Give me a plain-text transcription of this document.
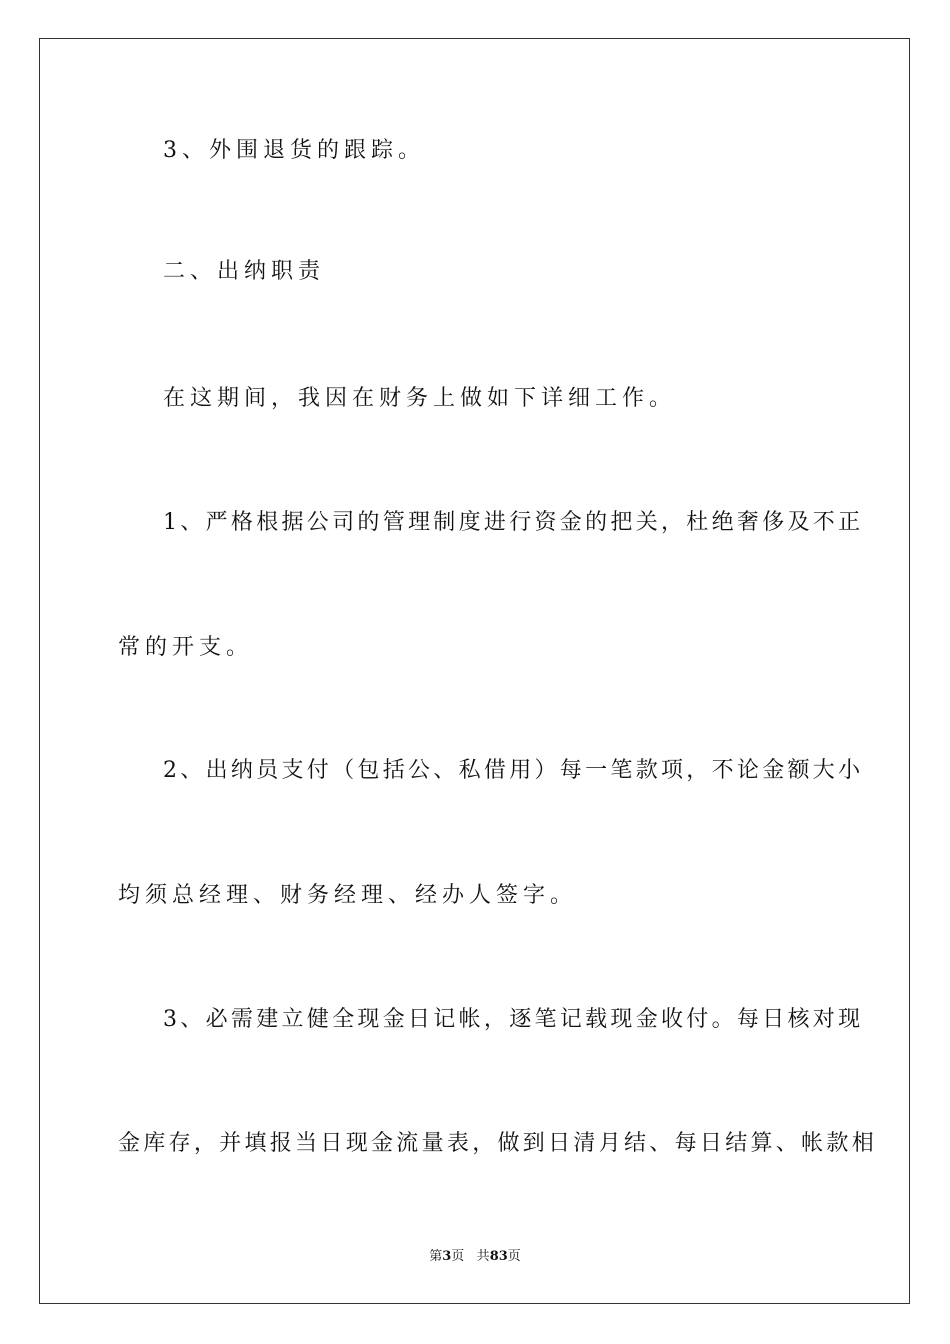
3、外围退货的跟踪。
二、出纳职责
在这期间，我因在财务上做如下详细工作。
1、严格根据公司的管理制度进行资金的把关，杜绝奢侈及不正
常的开支。
2、出纳员支付（包括公、私借用）每一笔款项，不论金额大小
均须总经理、财务经理、经办人签字。
3、必需建立健全现金日记帐，逐笔记载现金收付。每日核对现
金库存，并填报当日现金流量表，做到日清月结、每日结算、帐款相
第3页 共83页
